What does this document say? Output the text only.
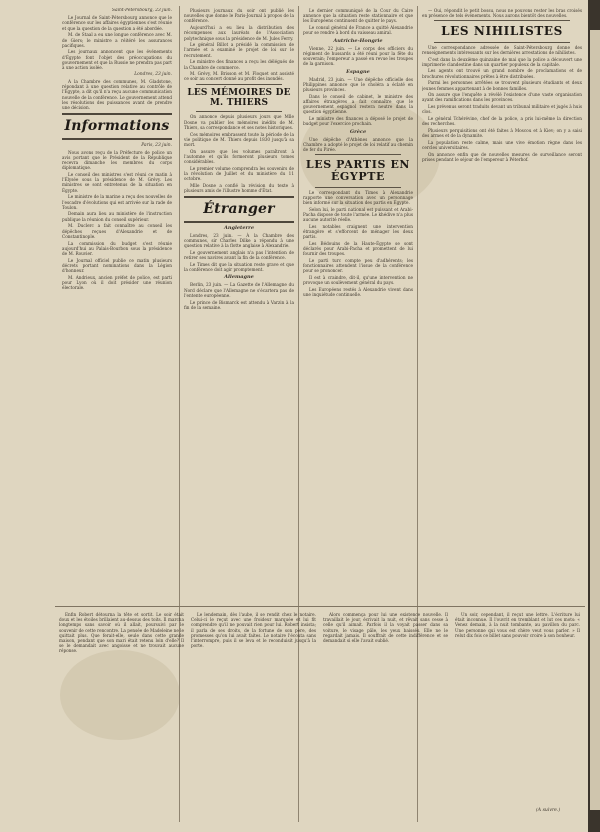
Saint-Pétersbourg, 23 juin.

Le Journal de Saint-Pétersbourg annonce que le conférence sur les affaires égyptiennes s'est réunie et que la question de la question a été abordée.

M. de Staal a eu une longue conférence avec M. de Giers; le ministre a réitéré les assurances pacifiques.

Les journaux annoncent que les événements d'Égypte font l'objet des préoccupations du gouvernement et que la Russie ne prendra pas part à une action isolée.

Londres, 23 juin.

A la Chambre des communes, M. Gladstone, répondant à une question relative au contrôle de l'Égypte, a dit qu'il n'a reçu aucune communication nouvelle de la conférence. Le gouvernement attend les résolutions des puissances avant de prendre une décision.

Informations
Paris, 23 juin.

Nous avons reçu de la Préfecture de police un avis portant que le Président de la République recevra dimanche les membres du corps diplomatique.

Le conseil des ministres s'est réuni ce matin à l'Élysée sous la présidence de M. Grévy. Les ministres se sont entretenus de la situation en Égypte.

Le ministre de la marine a reçu des nouvelles de l'escadre d'évolutions qui est arrivée sur la rade de Toulon.

Demain aura lieu au ministère de l'instruction publique la réunion du conseil supérieur.

M. Duclerc a fait connaître au conseil les dépêches reçues d'Alexandrie et de Constantinople.

La commission du budget s'est réunie aujourd'hui au Palais-Bourbon sous la présidence de M. Rouvier.

Le Journal officiel publie ce matin plusieurs décrets portant nominations dans la Légion d'honneur.

M. Andrieux, ancien préfet de police, est parti pour Lyon où il doit présider une réunion électorale.

Plusieurs journaux du soir ont publié les nouvelles que donne le Paris-Journal à propos de la conférence.

Aujourd'hui a eu lieu la distribution des récompenses aux lauréats de l'Association polytechnique sous la présidence de M. Jules Ferry.

Le général Billot a présidé la commission de l'armée et a examiné le projet de loi sur le recrutement.

Le ministre des finances a reçu les délégués de la Chambre de commerce.

M. Grévy, M. Brisson et M. Floquet ont assisté ce soir au concert donné au profit des inondés.

LES MÉMOIRES DE M. THIERS

On annonce depuis plusieurs jours que Mlle Dosne va publier les mémoires inédits de M. Thiers, sa correspondance et ses notes historiques.

Ces mémoires embrassent toute la période de la vie politique de M. Thiers depuis 1830 jusqu'à sa mort.

On assure que les volumes paraîtront à l'automne et qu'ils formeront plusieurs tomes considérables.

Le premier volume comprendra les souvenirs de la révolution de Juillet et du ministère du 11 octobre.

Mlle Dosne a confié la révision du texte à plusieurs amis de l'illustre homme d'État.

Étranger
Angleterre

Londres, 23 juin. — À la Chambre des communes, sir Charles Dilke a répondu à une question relative à la flotte anglaise à Alexandrie.

Le gouvernement anglais n'a pas l'intention de retirer ses navires avant la fin de la conférence.

Le Times dit que la situation reste grave et que la conférence doit agir promptement.

Allemagne

Berlin, 23 juin. — La Gazette de l'Allemagne du Nord déclare que l'Allemagne ne s'écartera pas de l'entente européenne.

Le prince de Bismarck est attendu à Varzin à la fin de la semaine.

Le dernier communiqué de la Cour du Caire annonce que la situation reste stationnaire et que les Européens continuent de quitter le pays.

Le consul général de France a quitté Alexandrie pour se rendre à bord du vaisseau amiral.

Autriche-Hongrie

Vienne, 22 juin. — Le corps des officiers du régiment de hussards a été réuni pour la fête du souverain; l'empereur a passé en revue les troupes de la garnison.

Espagne

Madrid, 23 juin. — Une dépêche officielle des Philippines annonce que le choléra a éclaté en plusieurs provinces.

Dans le conseil de cabinet, le ministre des affaires étrangères a fait connaître que le gouvernement espagnol restera neutre dans la question égyptienne.

Le ministre des finances a déposé le projet de budget pour l'exercice prochain.

Grèce

Une dépêche d'Athènes annonce que la Chambre a adopté le projet de loi relatif au chemin de fer du Pirée.

LES PARTIS EN ÉGYPTE

Le correspondant du Times à Alexandrie rapporte une conversation avec un personnage bien informé sur la situation des partis en Égypte.

Selon lui, le parti national est puissant et Arabi-Pacha dispose de toute l'armée. Le khédive n'a plus aucune autorité réelle.

Les notables craignent une intervention étrangère et s'efforcent de ménager les deux partis.

Les Bédouins de la Haute-Égypte se sont déclarés pour Arabi-Pacha et promettent de lui fournir des troupes.

Le parti turc compte peu d'adhérents; les fonctionnaires attendent l'issue de la conférence pour se prononcer.

Il est à craindre, dit-il, qu'une intervention ne provoque un soulèvement général du pays.

Les Européens restés à Alexandrie vivent dans une inquiétude continuelle.

— Oui, répondit le petit bossu, nous ne pouvons rester les bras croisés en présence de tels événements. Nous aurons bientôt des nouvelles.

LES NIHILISTES

Une correspondance adressée de Saint-Pétersbourg donne des renseignements intéressants sur les dernières arrestations de nihilistes.

C'est dans la deuxième quinzaine de mai que la police a découvert une imprimerie clandestine dans un quartier populeux de la capitale.

Les agents ont trouvé un grand nombre de proclamations et de brochures révolutionnaires prêtes à être distribuées.

Parmi les personnes arrêtées se trouvent plusieurs étudiants et deux jeunes femmes appartenant à de bonnes familles.

On assure que l'enquête a révélé l'existence d'une vaste organisation ayant des ramifications dans les provinces.

Les prévenus seront traduits devant un tribunal militaire et jugés à huis clos.

Le général Tchérévine, chef de la police, a pris lui-même la direction des recherches.

Plusieurs perquisitions ont été faites à Moscou et à Kiev; on y a saisi des armes et de la dynamite.

La population reste calme, mais une vive émotion règne dans les cercles universitaires.

On annonce enfin que de nouvelles mesures de surveillance seront prises pendant le séjour de l'empereur à Péterhof.

Enfin Robert détourna la tête et sortit. Le soir était doux et les étoiles brillaient au-dessus des toits. Il marcha longtemps sans savoir où il allait, poursuivi par le souvenir de cette rencontre. La pensée de Madeleine ne le quittait plus. Que ferait-elle, seule dans cette grande maison, pendant que son mari était retenu loin d'elle? Il se le demandait avec angoisse et ne trouvait aucune réponse.

Le lendemain, dès l'aube, il se rendit chez le notaire. Celui-ci le reçut avec une froideur marquée et lui fit comprendre qu'il ne pouvait rien pour lui. Robert insista; il parla de ses droits, de la fortune de son père, des promesses qu'on lui avait faites. Le notaire l'écouta sans l'interrompre, puis il se leva et le reconduisit jusqu'à la porte.

Alors commença pour lui une existence nouvelle. Il travaillait le jour, écrivait la nuit, et rêvait sans cesse à celle qu'il aimait. Parfois il la voyait passer dans sa voiture, le visage pâle, les yeux baissés. Elle ne le regardait jamais. Il souffrait de cette indifférence et se demandait si elle l'avait oublié.

Un soir, cependant, il reçut une lettre. L'écriture lui était inconnue. Il l'ouvrit en tremblant et lut ces mots: « Venez demain, à la nuit tombante, au pavillon du parc. Une personne qui vous est chère veut vous parler. » Il relut dix fois ce billet sans pouvoir croire à son bonheur.

(A suivre.)
